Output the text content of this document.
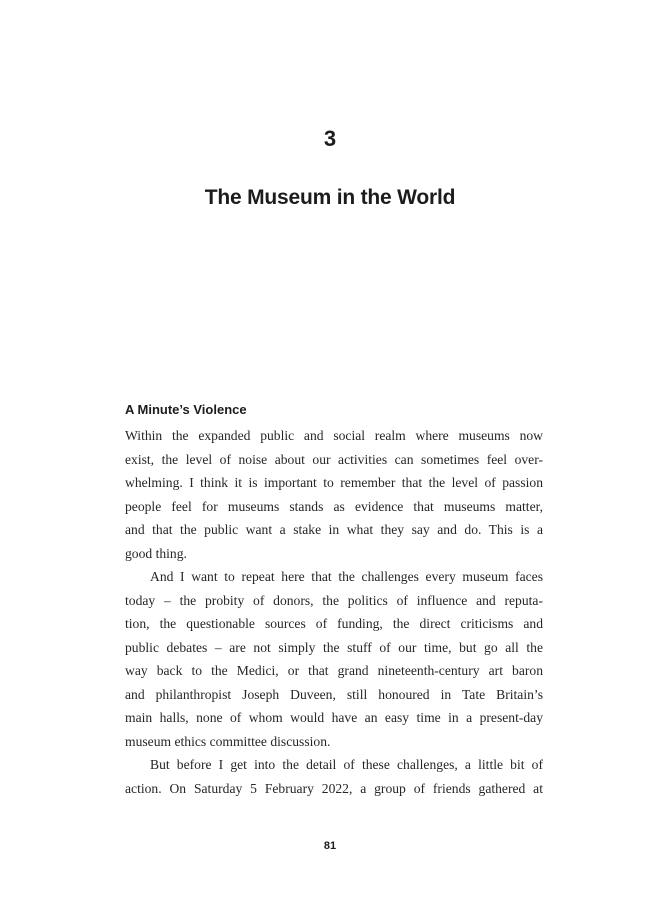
3
The Museum in the World
A Minute’s Violence
Within the expanded public and social realm where museums now
exist, the level of noise about our activities can sometimes feel over-
whelming. I think it is important to remember that the level of passion
people feel for museums stands as evidence that museums matter,
and that the public want a stake in what they say and do. This is a
good thing.
And I want to repeat here that the challenges every museum faces
today – the probity of donors, the politics of influence and reputa-
tion, the questionable sources of funding, the direct criticisms and
public debates – are not simply the stuff of our time, but go all the
way back to the Medici, or that grand nineteenth-century art baron
and philanthropist Joseph Duveen, still honoured in Tate Britain’s
main halls, none of whom would have an easy time in a present-day
museum ethics committee discussion.
But before I get into the detail of these challenges, a little bit of
action. On Saturday 5 February 2022, a group of friends gathered at
81
